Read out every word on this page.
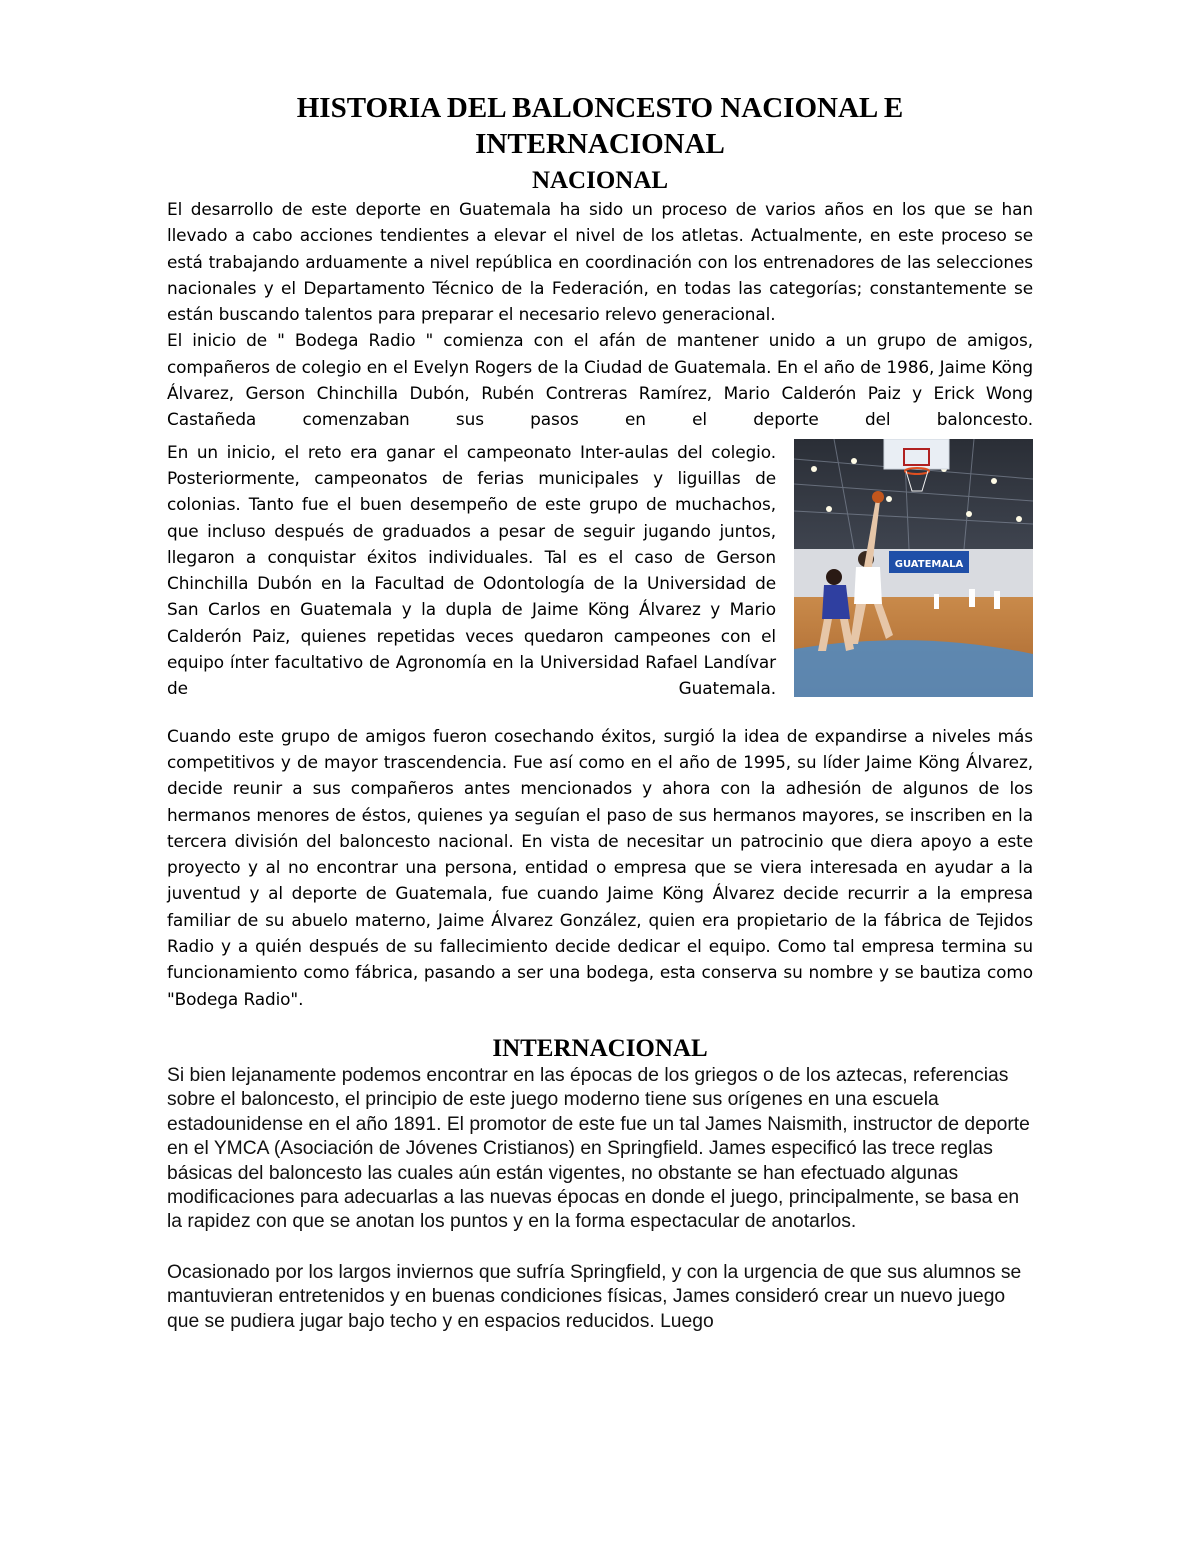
HISTORIA DEL BALONCESTO NACIONAL E
INTERNACIONAL
NACIONAL

El desarrollo de este deporte en Guatemala ha sido un proceso de varios años en los que se han llevado a cabo acciones tendientes a elevar el nivel de los atletas. Actualmente, en este proceso se está trabajando arduamente a nivel república en coordinación con los entrenadores de las selecciones nacionales y el Departamento Técnico de la Federación, en todas las categorías; constantemente se están buscando talentos para preparar el necesario relevo generacional.

El inicio de " Bodega Radio " comienza con el afán de mantener unido a un grupo de amigos, compañeros de colegio en el Evelyn Rogers de la Ciudad de Guatemala. En el año de 1986, Jaime Köng Álvarez, Gerson Chinchilla Dubón, Rubén Contreras Ramírez, Mario Calderón Paiz y Erick Wong Castañeda comenzaban sus pasos en el deporte del baloncesto.

En un inicio, el reto era ganar el campeonato Inter-aulas del colegio. Posteriormente, campeonatos de ferias municipales y liguillas de colonias. Tanto fue el buen desempeño de este grupo de muchachos, que incluso después de graduados a pesar de seguir jugando juntos, llegaron a conquistar éxitos individuales. Tal es el caso de Gerson Chinchilla Dubón en la Facultad de Odontología de la Universidad de San Carlos en Guatemala y la dupla de Jaime Köng Álvarez y Mario Calderón Paiz, quienes repetidas veces quedaron campeones con el equipo ínter facultativo de Agronomía en la Universidad Rafael Landívar de Guatemala.

GUATEMALA

Cuando este grupo de amigos fueron cosechando éxitos, surgió la idea de expandirse a niveles más competitivos y de mayor trascendencia. Fue así como en el año de 1995, su líder Jaime Köng Álvarez, decide reunir a sus compañeros antes mencionados y ahora con la adhesión de algunos de los hermanos menores de éstos, quienes ya seguían el paso de sus hermanos mayores, se inscriben en la tercera división del baloncesto nacional. En vista de necesitar un patrocinio que diera apoyo a este proyecto y al no encontrar una persona, entidad o empresa que se viera interesada en ayudar a la juventud y al deporte de Guatemala, fue cuando Jaime Köng Álvarez decide recurrir a la empresa familiar de su abuelo materno, Jaime Álvarez González, quien era propietario de la fábrica de Tejidos Radio y a quién después de su fallecimiento decide dedicar el equipo. Como tal empresa termina su funcionamiento como fábrica, pasando a ser una bodega, esta conserva su nombre y se bautiza como "Bodega Radio".

INTERNACIONAL

Si bien lejanamente podemos encontrar en las épocas de los griegos o de los aztecas, referencias sobre el baloncesto, el principio de este juego moderno tiene sus orígenes en una escuela estadounidense en el año 1891. El promotor de este fue un tal James Naismith, instructor de deporte en el YMCA (Asociación de Jóvenes Cristianos) en Springfield. James especificó las trece reglas básicas del baloncesto las cuales aún están vigentes, no obstante se han efectuado algunas modificaciones para adecuarlas a las nuevas épocas en donde el juego, principalmente, se basa en la rapidez con que se anotan los puntos y en la forma espectacular de anotarlos.

Ocasionado por los largos inviernos que sufría Springfield, y con la urgencia de que sus alumnos se mantuvieran entretenidos y en buenas condiciones físicas, James consideró crear un nuevo juego que se pudiera jugar bajo techo y en espacios reducidos. Luego
